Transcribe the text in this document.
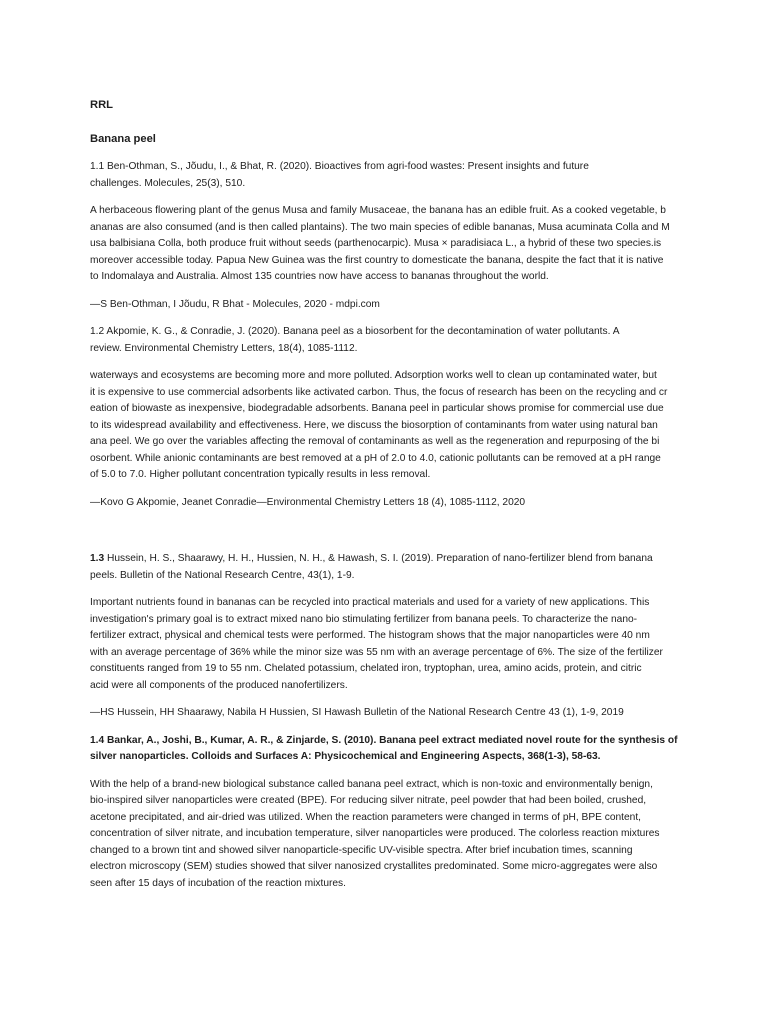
RRL

Banana peel

1.1 Ben-Othman, S., Jõudu, I., & Bhat, R. (2020). Bioactives from agri-food wastes: Present insights and future
challenges. Molecules, 25(3), 510.

A herbaceous flowering plant of the genus Musa and family Musaceae, the banana has an edible fruit. As a cooked vegetable, b
ananas are also consumed (and is then called plantains). The two main species of edible bananas, Musa acuminata Colla and M
usa balbisiana Colla, both produce fruit without seeds (parthenocarpic). Musa × paradisiaca L., a hybrid of these two species.is
moreover accessible today. Papua New Guinea was the first country to domesticate the banana, despite the fact that it is native
to Indomalaya and Australia. Almost 135 countries now have access to bananas throughout the world.

—S Ben-Othman, I Jõudu, R Bhat - Molecules, 2020 - mdpi.com

1.2 Akpomie, K. G., & Conradie, J. (2020). Banana peel as a biosorbent for the decontamination of water pollutants. A
review. Environmental Chemistry Letters, 18(4), 1085-1112.

waterways and ecosystems are becoming more and more polluted. Adsorption works well to clean up contaminated water, but
it is expensive to use commercial adsorbents like activated carbon. Thus, the focus of research has been on the recycling and cr
eation of biowaste as inexpensive, biodegradable adsorbents. Banana peel in particular shows promise for commercial use due
to its widespread availability and effectiveness. Here, we discuss the biosorption of contaminants from water using natural ban
ana peel. We go over the variables affecting the removal of contaminants as well as the regeneration and repurposing of the bi
osorbent. While anionic contaminants are best removed at a pH of 2.0 to 4.0, cationic pollutants can be removed at a pH range
of 5.0 to 7.0. Higher pollutant concentration typically results in less removal.

—Kovo G Akpomie, Jeanet Conradie—Environmental Chemistry Letters 18 (4), 1085-1112, 2020

1.3 Hussein, H. S., Shaarawy, H. H., Hussien, N. H., & Hawash, S. I. (2019). Preparation of nano-fertilizer blend from banana
peels. Bulletin of the National Research Centre, 43(1), 1-9.

Important nutrients found in bananas can be recycled into practical materials and used for a variety of new applications. This
investigation's primary goal is to extract mixed nano bio stimulating fertilizer from banana peels. To characterize the nano-
fertilizer extract, physical and chemical tests were performed. The histogram shows that the major nanoparticles were 40 nm
with an average percentage of 36% while the minor size was 55 nm with an average percentage of 6%. The size of the fertilizer
constituents ranged from 19 to 55 nm. Chelated potassium, chelated iron, tryptophan, urea, amino acids, protein, and citric
acid were all components of the produced nanofertilizers.

—HS Hussein, HH Shaarawy, Nabila H Hussien, SI Hawash Bulletin of the National Research Centre 43 (1), 1-9, 2019

1.4 Bankar, A., Joshi, B., Kumar, A. R., & Zinjarde, S. (2010). Banana peel extract mediated novel route for the synthesis of
silver nanoparticles. Colloids and Surfaces A: Physicochemical and Engineering Aspects, 368(1-3), 58-63.

With the help of a brand-new biological substance called banana peel extract, which is non-toxic and environmentally benign,
bio-inspired silver nanoparticles were created (BPE). For reducing silver nitrate, peel powder that had been boiled, crushed,
acetone precipitated, and air-dried was utilized. When the reaction parameters were changed in terms of pH, BPE content,
concentration of silver nitrate, and incubation temperature, silver nanoparticles were produced. The colorless reaction mixtures
changed to a brown tint and showed silver nanoparticle-specific UV-visible spectra. After brief incubation times, scanning
electron microscopy (SEM) studies showed that silver nanosized crystallites predominated. Some micro-aggregates were also
seen after 15 days of incubation of the reaction mixtures.
